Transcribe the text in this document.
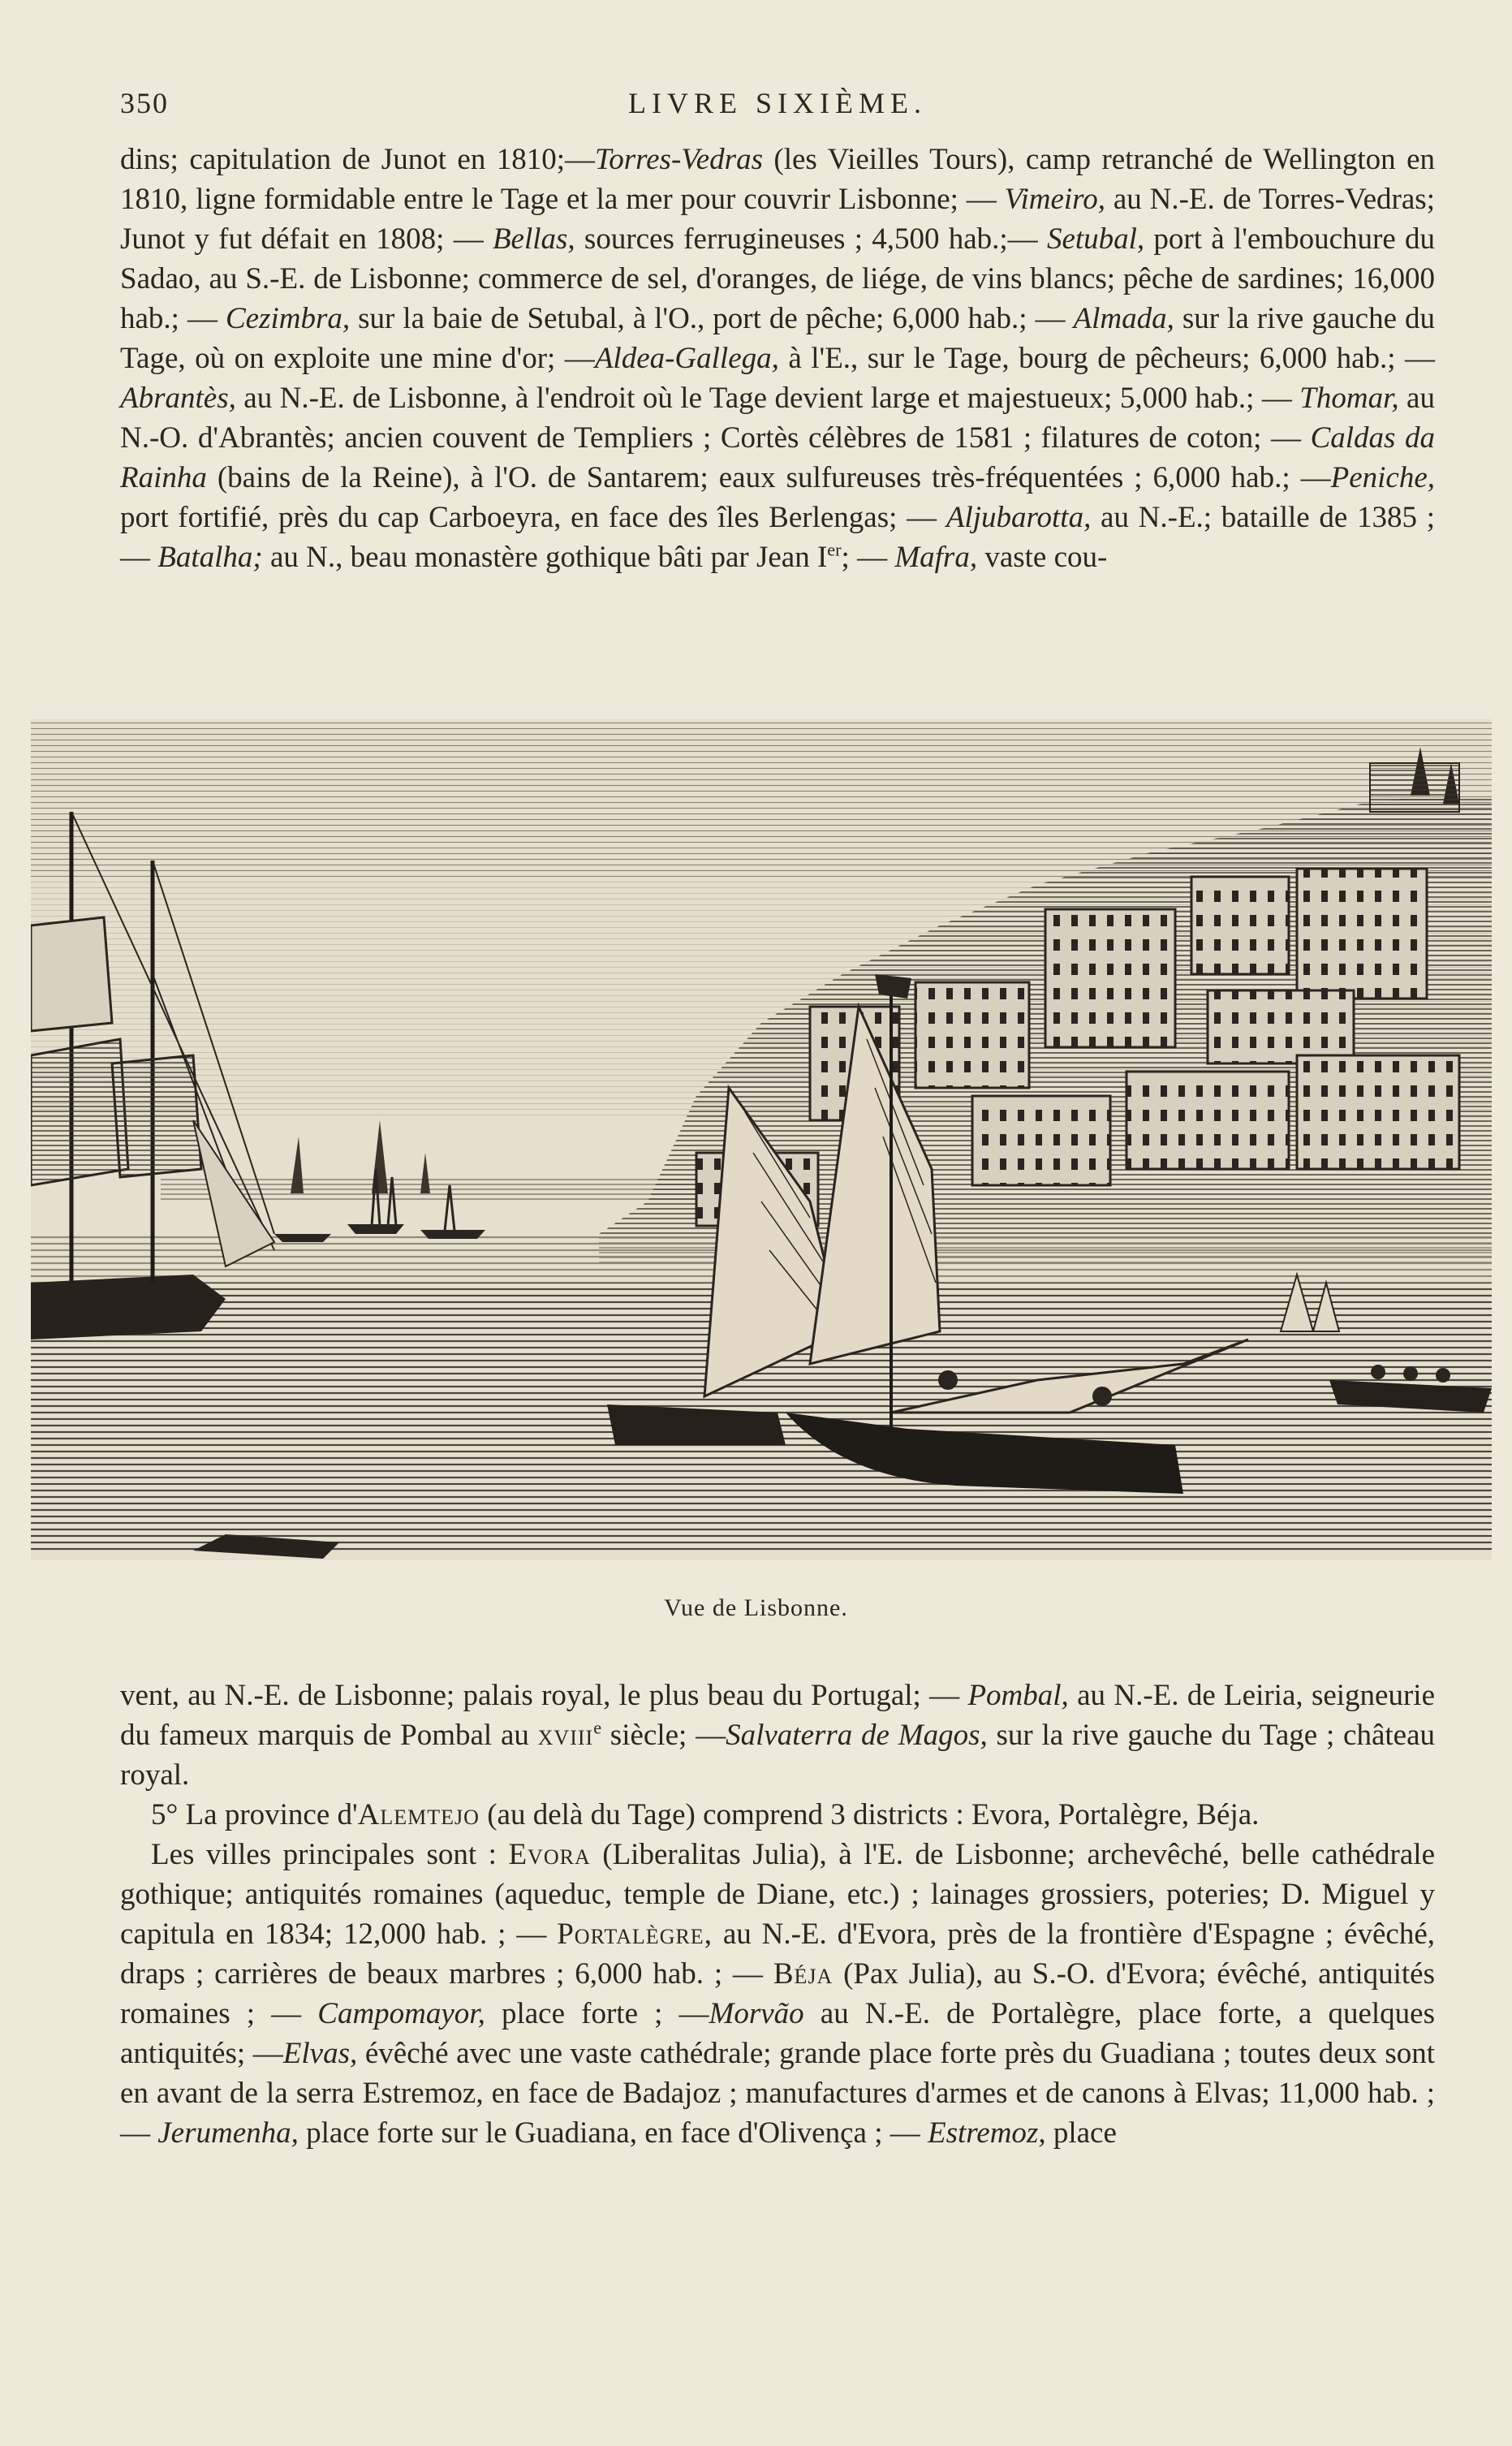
350	LIVRE SIXIÈME.

dins; capitulation de Junot en 1810;—Torres-Vedras (les Vieilles Tours), camp retranché de Wellington en 1810, ligne formidable entre le Tage et la mer pour couvrir Lisbonne; — Vimeiro, au N.-E. de Torres-Vedras; Junot y fut défait en 1808; — Bellas, sources ferrugineuses ; 4,500 hab.;— Setubal, port à l'embouchure du Sadao, au S.-E. de Lisbonne; commerce de sel, d'oranges, de liége, de vins blancs; pêche de sardines; 16,000 hab.; — Cezimbra, sur la baie de Setubal, à l'O., port de pêche; 6,000 hab.; — Almada, sur la rive gauche du Tage, où on exploite une mine d'or; —Aldea-Gallega, à l'E., sur le Tage, bourg de pêcheurs; 6,000 hab.; — Abrantès, au N.-E. de Lisbonne, à l'endroit où le Tage devient large et majestueux; 5,000 hab.; — Thomar, au N.-O. d'Abrantès; ancien couvent de Templiers ; Cortès célèbres de 1581 ; filatures de coton; — Caldas da Rainha (bains de la Reine), à l'O. de Santarem; eaux sulfureuses très-fréquentées ; 6,000 hab.; —Peniche, port fortifié, près du cap Carboeyra, en face des îles Berlengas; — Aljubarotta, au N.-E.; bataille de 1385 ; — Batalha; au N., beau monastère gothique bâti par Jean Ier; — Mafra, vaste cou-

Vue de Lisbonne.

vent, au N.-E. de Lisbonne; palais royal, le plus beau du Portugal; — Pombal, au N.-E. de Leiria, seigneurie du fameux marquis de Pombal au xviii$^e$ siècle; —Salvaterra de Magos, sur la rive gauche du Tage ; château royal.

5° La province d'Alemtejo (au delà du Tage) comprend 3 districts : Evora, Portalègre, Béja.

Les villes principales sont : Evora (Liberalitas Julia), à l'E. de Lisbonne; archevêché, belle cathédrale gothique; antiquités romaines (aqueduc, temple de Diane, etc.) ; lainages grossiers, poteries; D. Miguel y capitula en 1834; 12,000 hab. ; — Portalègre, au N.-E. d'Evora, près de la frontière d'Espagne ; évêché, draps ; carrières de beaux marbres ; 6,000 hab. ; — Béja (Pax Julia), au S.-O. d'Evora; évêché, antiquités romaines ; — Campomayor, place forte ; —Morvão au N.-E. de Portalègre, place forte, a quelques antiquités; —Elvas, évêché avec une vaste cathédrale; grande place forte près du Guadiana ; toutes deux sont en avant de la serra Estremoz, en face de Badajoz ; manufactures d'armes et de canons à Elvas; 11,000 hab. ; — Jerumenha, place forte sur le Guadiana, en face d'Olivença ; — Estremoz, place
